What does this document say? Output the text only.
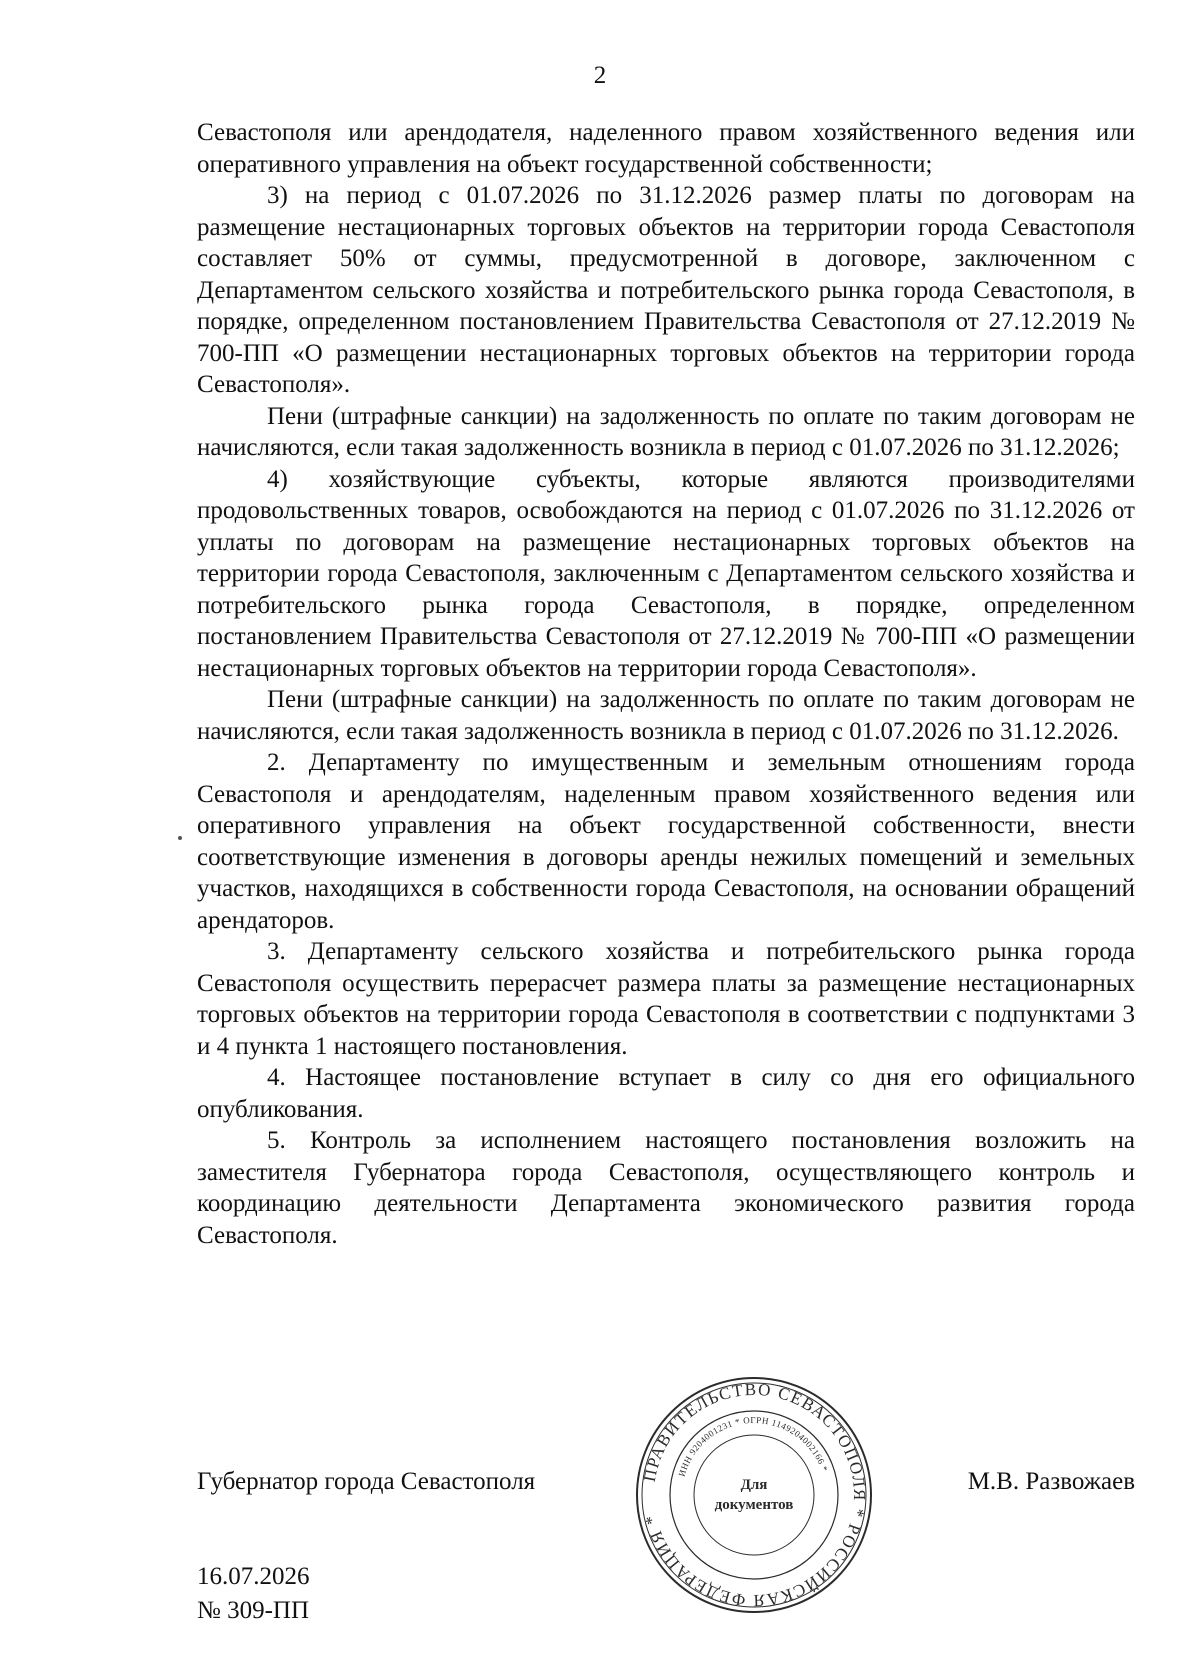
2

Севастополя или арендодателя, наделенного правом хозяйственного ведения или оперативного управления на объект государственной собственности;

3) на период с 01.07.2026 по 31.12.2026 размер платы по договорам на размещение нестационарных торговых объектов на территории города Севастополя составляет 50% от суммы, предусмотренной в договоре, заключенном с Департаментом сельского хозяйства и потребительского рынка города Севастополя, в порядке, определенном постановлением Правительства Севастополя от 27.12.2019 № 700-ПП «О размещении нестационарных торговых объектов на территории города Севастополя».

Пени (штрафные санкции) на задолженность по оплате по таким договорам не начисляются, если такая задолженность возникла в период с 01.07.2026 по 31.12.2026;

4) хозяйствующие субъекты, которые являются производителями продовольственных товаров, освобождаются на период с 01.07.2026 по 31.12.2026 от уплаты по договорам на размещение нестационарных торговых объектов на территории города Севастополя, заключенным с Департаментом сельского хозяйства и потребительского рынка города Севастополя, в порядке, определенном постановлением Правительства Севастополя от 27.12.2019 № 700-ПП «О размещении нестационарных торговых объектов на территории города Севастополя».

Пени (штрафные санкции) на задолженность по оплате по таким договорам не начисляются, если такая задолженность возникла в период с 01.07.2026 по 31.12.2026.

2. Департаменту по имущественным и земельным отношениям города Севастополя и арендодателям, наделенным правом хозяйственного ведения или оперативного управления на объект государственной собственности, внести соответствующие изменения в договоры аренды нежилых помещений и земельных участков, находящихся в собственности города Севастополя, на основании обращений арендаторов.

3. Департаменту сельского хозяйства и потребительского рынка города Севастополя осуществить перерасчет размера платы за размещение нестационарных торговых объектов на территории города Севастополя в соответствии с подпунктами 3 и 4 пункта 1 настоящего постановления.

4. Настоящее постановление вступает в силу со дня его официального опубликования.

5. Контроль за исполнением настоящего постановления возложить на заместителя Губернатора города Севастополя, осуществляющего контроль и координацию деятельности Департамента экономического развития города Севастополя.

Губернатор города Севастополя	М.В. Развожаев
ПРАВИТЕЛЬСТВО СЕВАСТОПОЛЯ * РОССИЙСКАЯ ФЕДЕРАЦИЯ *
ИНН 9204001231 * ОГРН 1149204002166 *
Для
документов
16.07.2026
№ 309-ПП
